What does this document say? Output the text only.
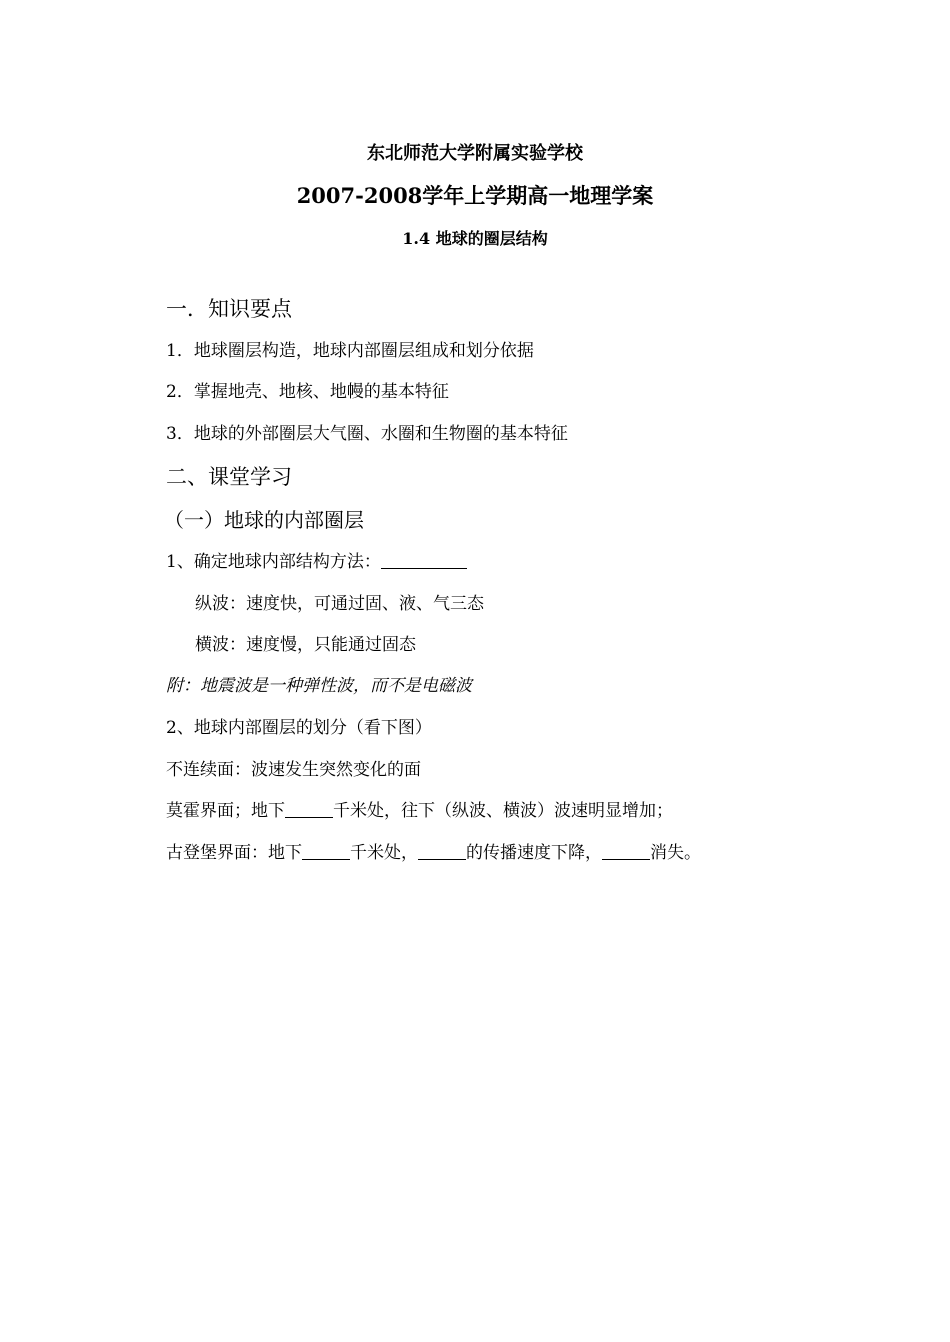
东北师范大学附属实验学校
2007-2008学年上学期高一地理学案
1.4 地球的圈层结构
一．知识要点
1．地球圈层构造，地球内部圈层组成和划分依据
2．掌握地壳、地核、地幔的基本特征
3．地球的外部圈层大气圈、水圈和生物圈的基本特征
二、课堂学习
（一）地球的内部圈层
1、确定地球内部结构方法：
纵波：速度快，可通过固、液、气三态
横波：速度慢，只能通过固态
附：地震波是一种弹性波，而不是电磁波
2、地球内部圈层的划分（看下图）
不连续面：波速发生突然变化的面
莫霍界面；地下	千米处，往下（纵波、横波）波速明显增加；
古登堡界面：地下	千米处，	的传播速度下降，	消失。
